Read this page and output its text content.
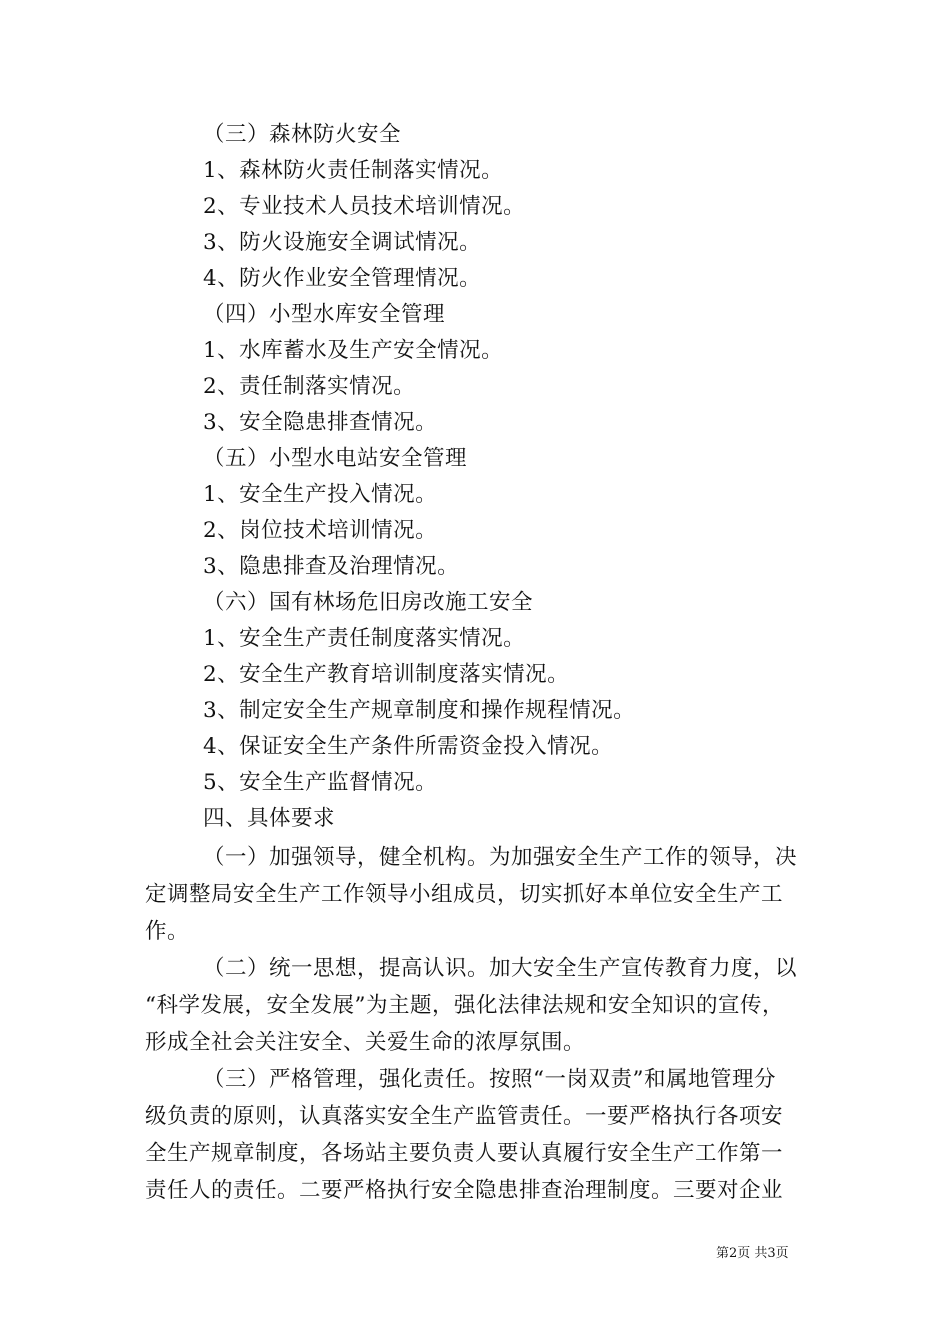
（三）森林防火安全
1、森林防火责任制落实情况。
2、专业技术人员技术培训情况。
3、防火设施安全调试情况。
4、防火作业安全管理情况。
（四）小型水库安全管理
1、水库蓄水及生产安全情况。
2、责任制落实情况。
3、安全隐患排查情况。
（五）小型水电站安全管理
1、安全生产投入情况。
2、岗位技术培训情况。
3、隐患排查及治理情况。
（六）国有林场危旧房改施工安全
1、安全生产责任制度落实情况。
2、安全生产教育培训制度落实情况。
3、制定安全生产规章制度和操作规程情况。
4、保证安全生产条件所需资金投入情况。
5、安全生产监督情况。
四、具体要求
（一）加强领导，健全机构。为加强安全生产工作的领导，决
定调整局安全生产工作领导小组成员，切实抓好本单位安全生产工
作。
（二）统一思想，提高认识。加大安全生产宣传教育力度，以
“科学发展，安全发展”为主题，强化法律法规和安全知识的宣传，
形成全社会关注安全、关爱生命的浓厚氛围。
（三）严格管理，强化责任。按照“一岗双责”和属地管理分
级负责的原则，认真落实安全生产监管责任。一要严格执行各项安
全生产规章制度，各场站主要负责人要认真履行安全生产工作第一
责任人的责任。二要严格执行安全隐患排查治理制度。三要对企业
第2页 共3页
